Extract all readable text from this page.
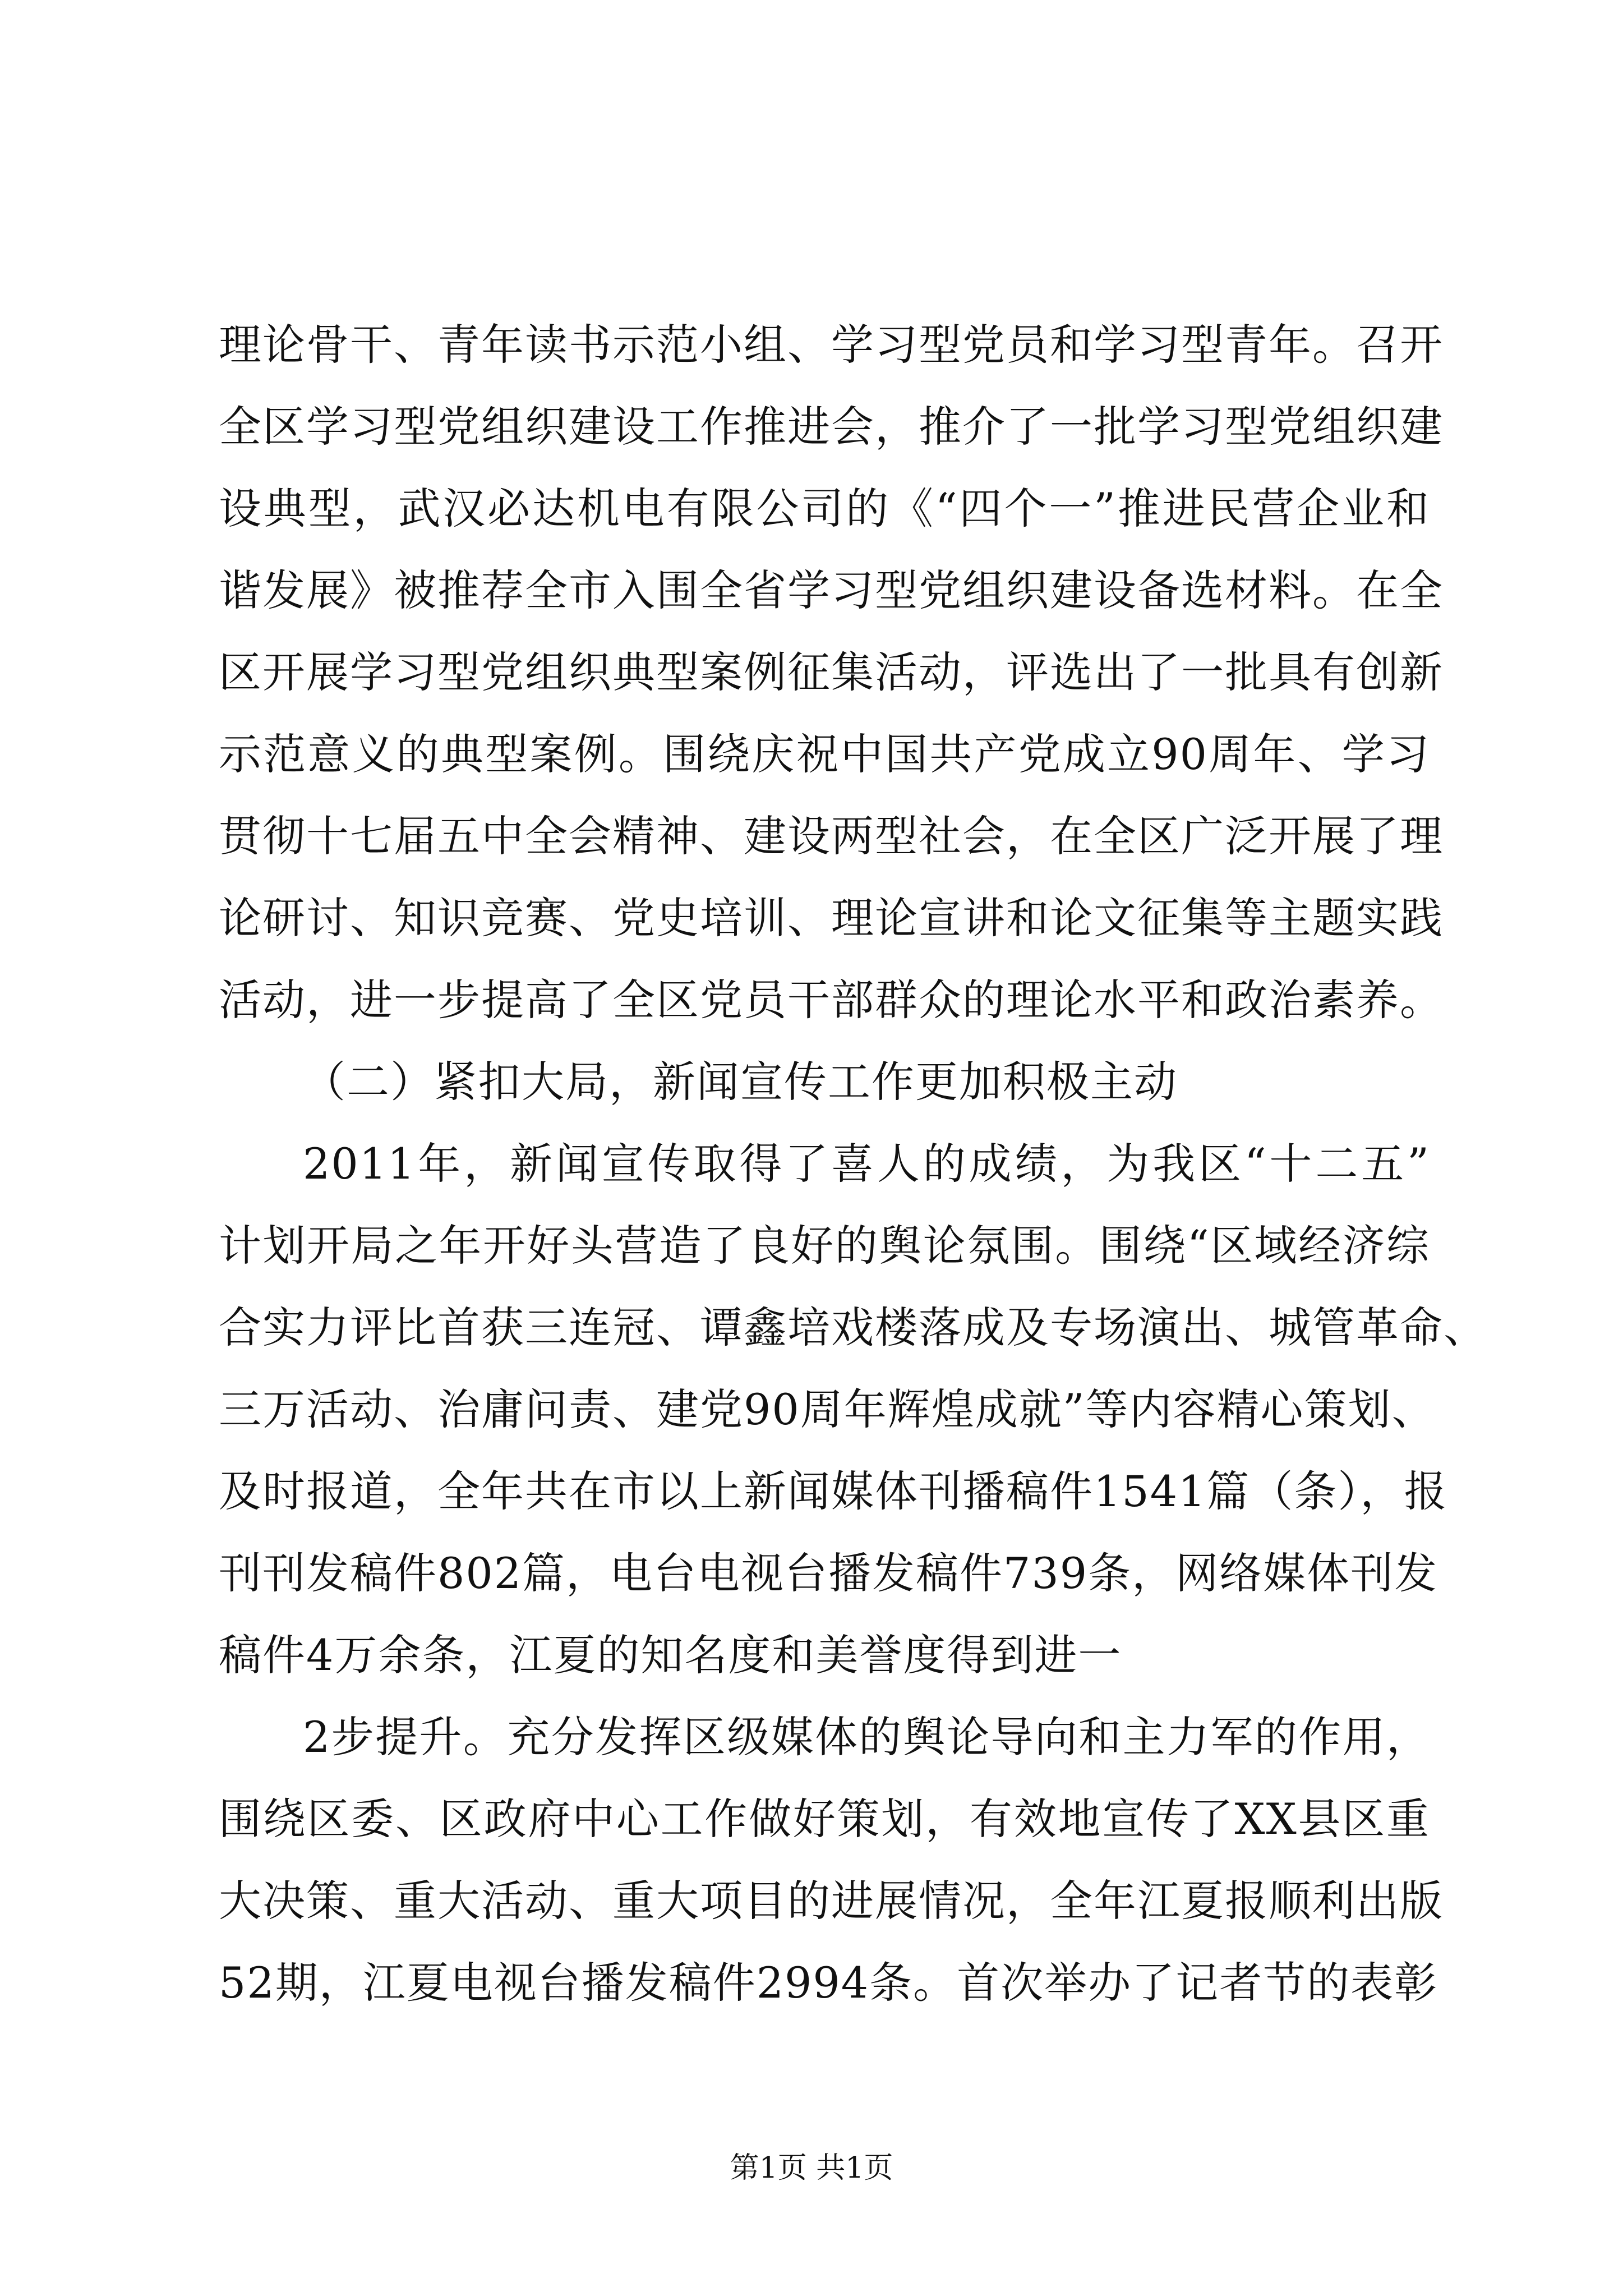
理论骨干、青年读书示范小组、学习型党员和学习型青年。召开
全区学习型党组织建设工作推进会，推介了一批学习型党组织建
设典型，武汉必达机电有限公司的《“四个一”推进民营企业和
谐发展》被推荐全市入围全省学习型党组织建设备选材料。在全
区开展学习型党组织典型案例征集活动，评选出了一批具有创新
示范意义的典型案例。围绕庆祝中国共产党成立90周年、学习
贯彻十七届五中全会精神、建设两型社会，在全区广泛开展了理
论研讨、知识竞赛、党史培训、理论宣讲和论文征集等主题实践
活动，进一步提高了全区党员干部群众的理论水平和政治素养。
（二）紧扣大局，新闻宣传工作更加积极主动
2011年，新闻宣传取得了喜人的成绩，为我区“十二五”
计划开局之年开好头营造了良好的舆论氛围。围绕“区域经济综
合实力评比首获三连冠、谭鑫培戏楼落成及专场演出、城管革命、
三万活动、治庸问责、建党90周年辉煌成就”等内容精心策划、
及时报道，全年共在市以上新闻媒体刊播稿件1541篇（条），报
刊刊发稿件802篇，电台电视台播发稿件739条，网络媒体刊发
稿件4万余条，江夏的知名度和美誉度得到进一
2步提升。充分发挥区级媒体的舆论导向和主力军的作用，
围绕区委、区政府中心工作做好策划，有效地宣传了XX县区重
大决策、重大活动、重大项目的进展情况，全年江夏报顺利出版
52期，江夏电视台播发稿件2994条。首次举办了记者节的表彰
第1页 共1页
